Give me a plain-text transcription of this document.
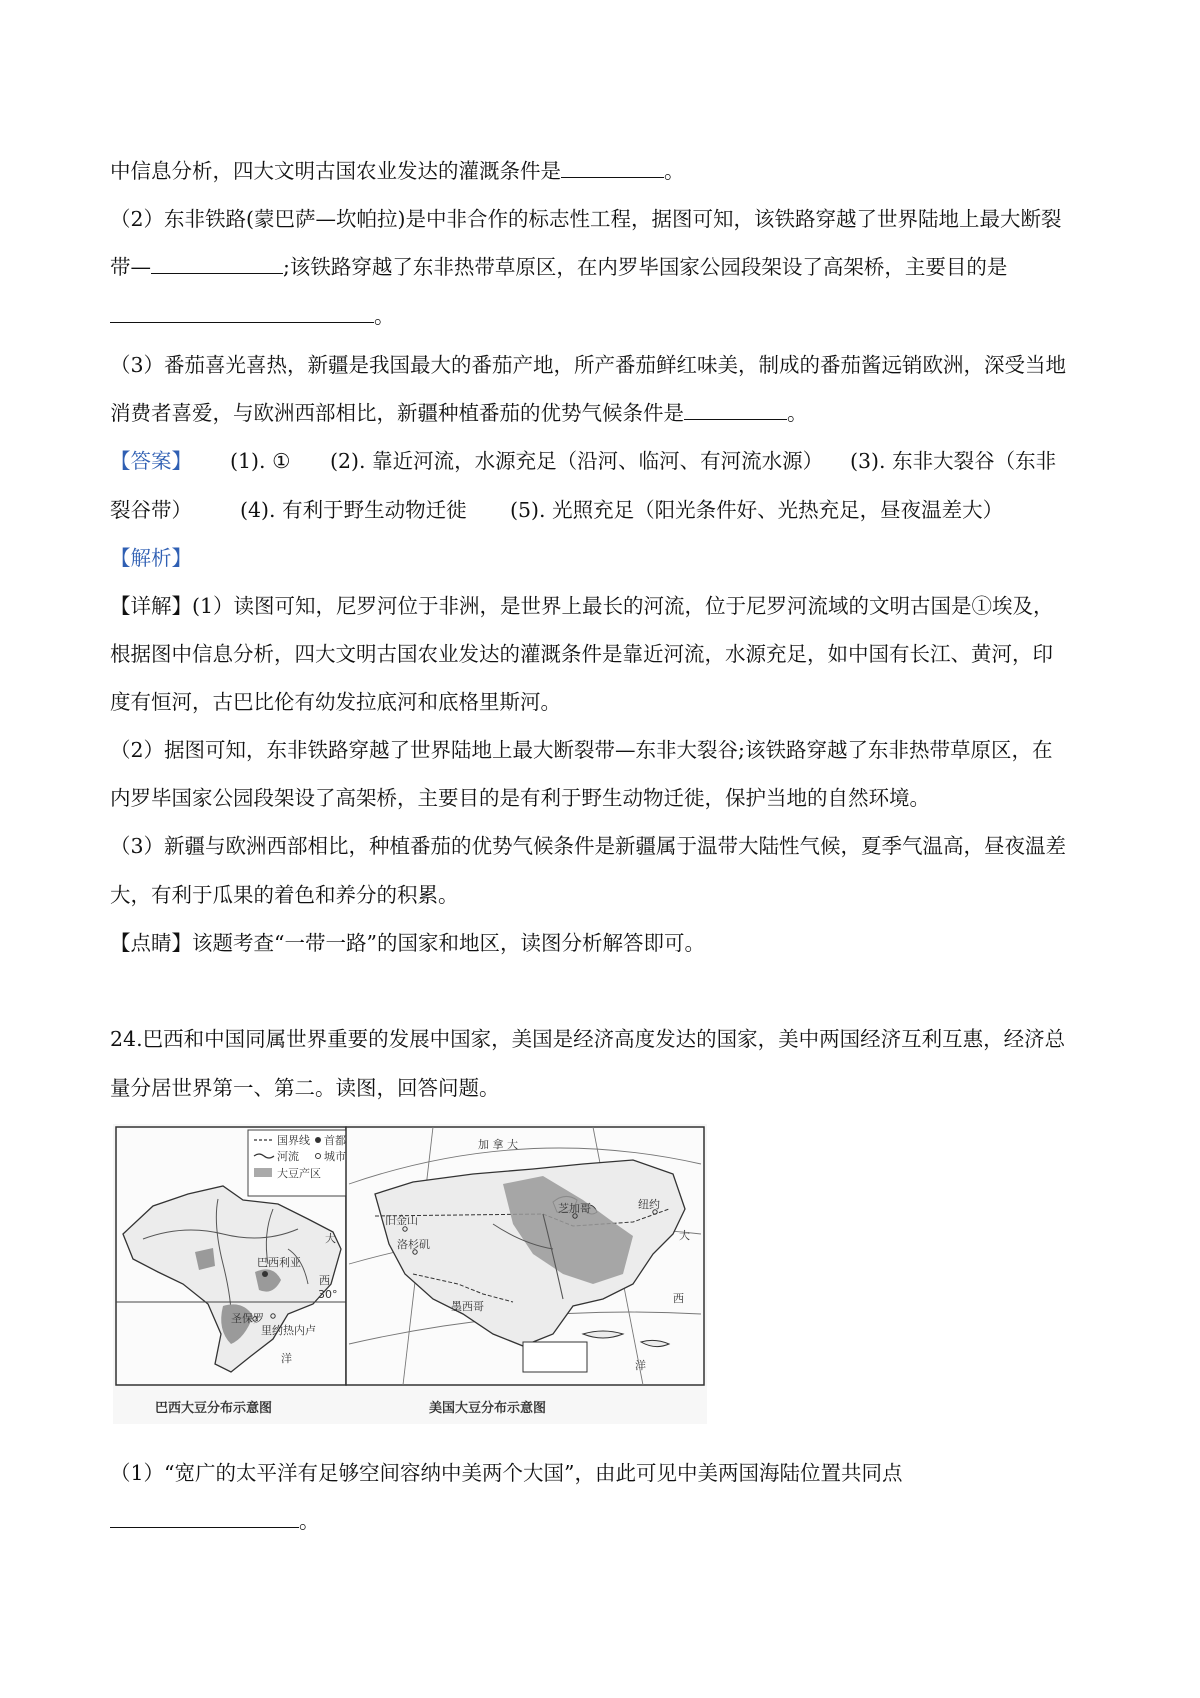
中信息分析，四大文明古国农业发达的灌溉条件是	。
（2）东非铁路(蒙巴萨—坎帕拉)是中非合作的标志性工程，据图可知，该铁路穿越了世界陆地上最大断裂
带—	;该铁路穿越了东非热带草原区，在内罗毕国家公园段架设了高架桥，主要目的是
。
（3）番茄喜光喜热，新疆是我国最大的番茄产地，所产番茄鲜红味美，制成的番茄酱远销欧洲，深受当地
消费者喜爱，与欧洲西部相比，新疆种植番茄的优势气候条件是	。
【答案】 (1). ① (2). 靠近河流，水源充足（沿河、临河、有河流水源） (3). 东非大裂谷（东非
裂谷带） (4). 有利于野生动物迁徙 (5). 光照充足（阳光条件好、光热充足，昼夜温差大）
【解析】
【详解】(1）读图可知，尼罗河位于非洲，是世界上最长的河流，位于尼罗河流域的文明古国是①埃及，
根据图中信息分析，四大文明古国农业发达的灌溉条件是靠近河流，水源充足，如中国有长江、黄河，印
度有恒河，古巴比伦有幼发拉底河和底格里斯河。
（2）据图可知，东非铁路穿越了世界陆地上最大断裂带—东非大裂谷;该铁路穿越了东非热带草原区，在
内罗毕国家公园段架设了高架桥，主要目的是有利于野生动物迁徙，保护当地的自然环境。
（3）新疆与欧洲西部相比，种植番茄的优势气候条件是新疆属于温带大陆性气候，夏季气温高，昼夜温差
大，有利于瓜果的着色和养分的积累。
【点睛】该题考查“一带一路”的国家和地区，读图分析解答即可。
24.巴西和中国同属世界重要的发展中国家，美国是经济高度发达的国家，美中两国经济互利互惠，经济总
量分居世界第一、第二。读图，回答问题。
国界线 首都
河流 城市
大豆产区
巴西利亚
圣保罗
里约热内卢
30°
大
西
洋
加 拿 大
旧金山
洛杉矶
芝加哥	纽约
墨西哥
大
西
洋
巴西大豆分布示意图	美国大豆分布示意图
（1）“宽广的太平洋有足够空间容纳中美两个大国”，由此可见中美两国海陆位置共同点
。
